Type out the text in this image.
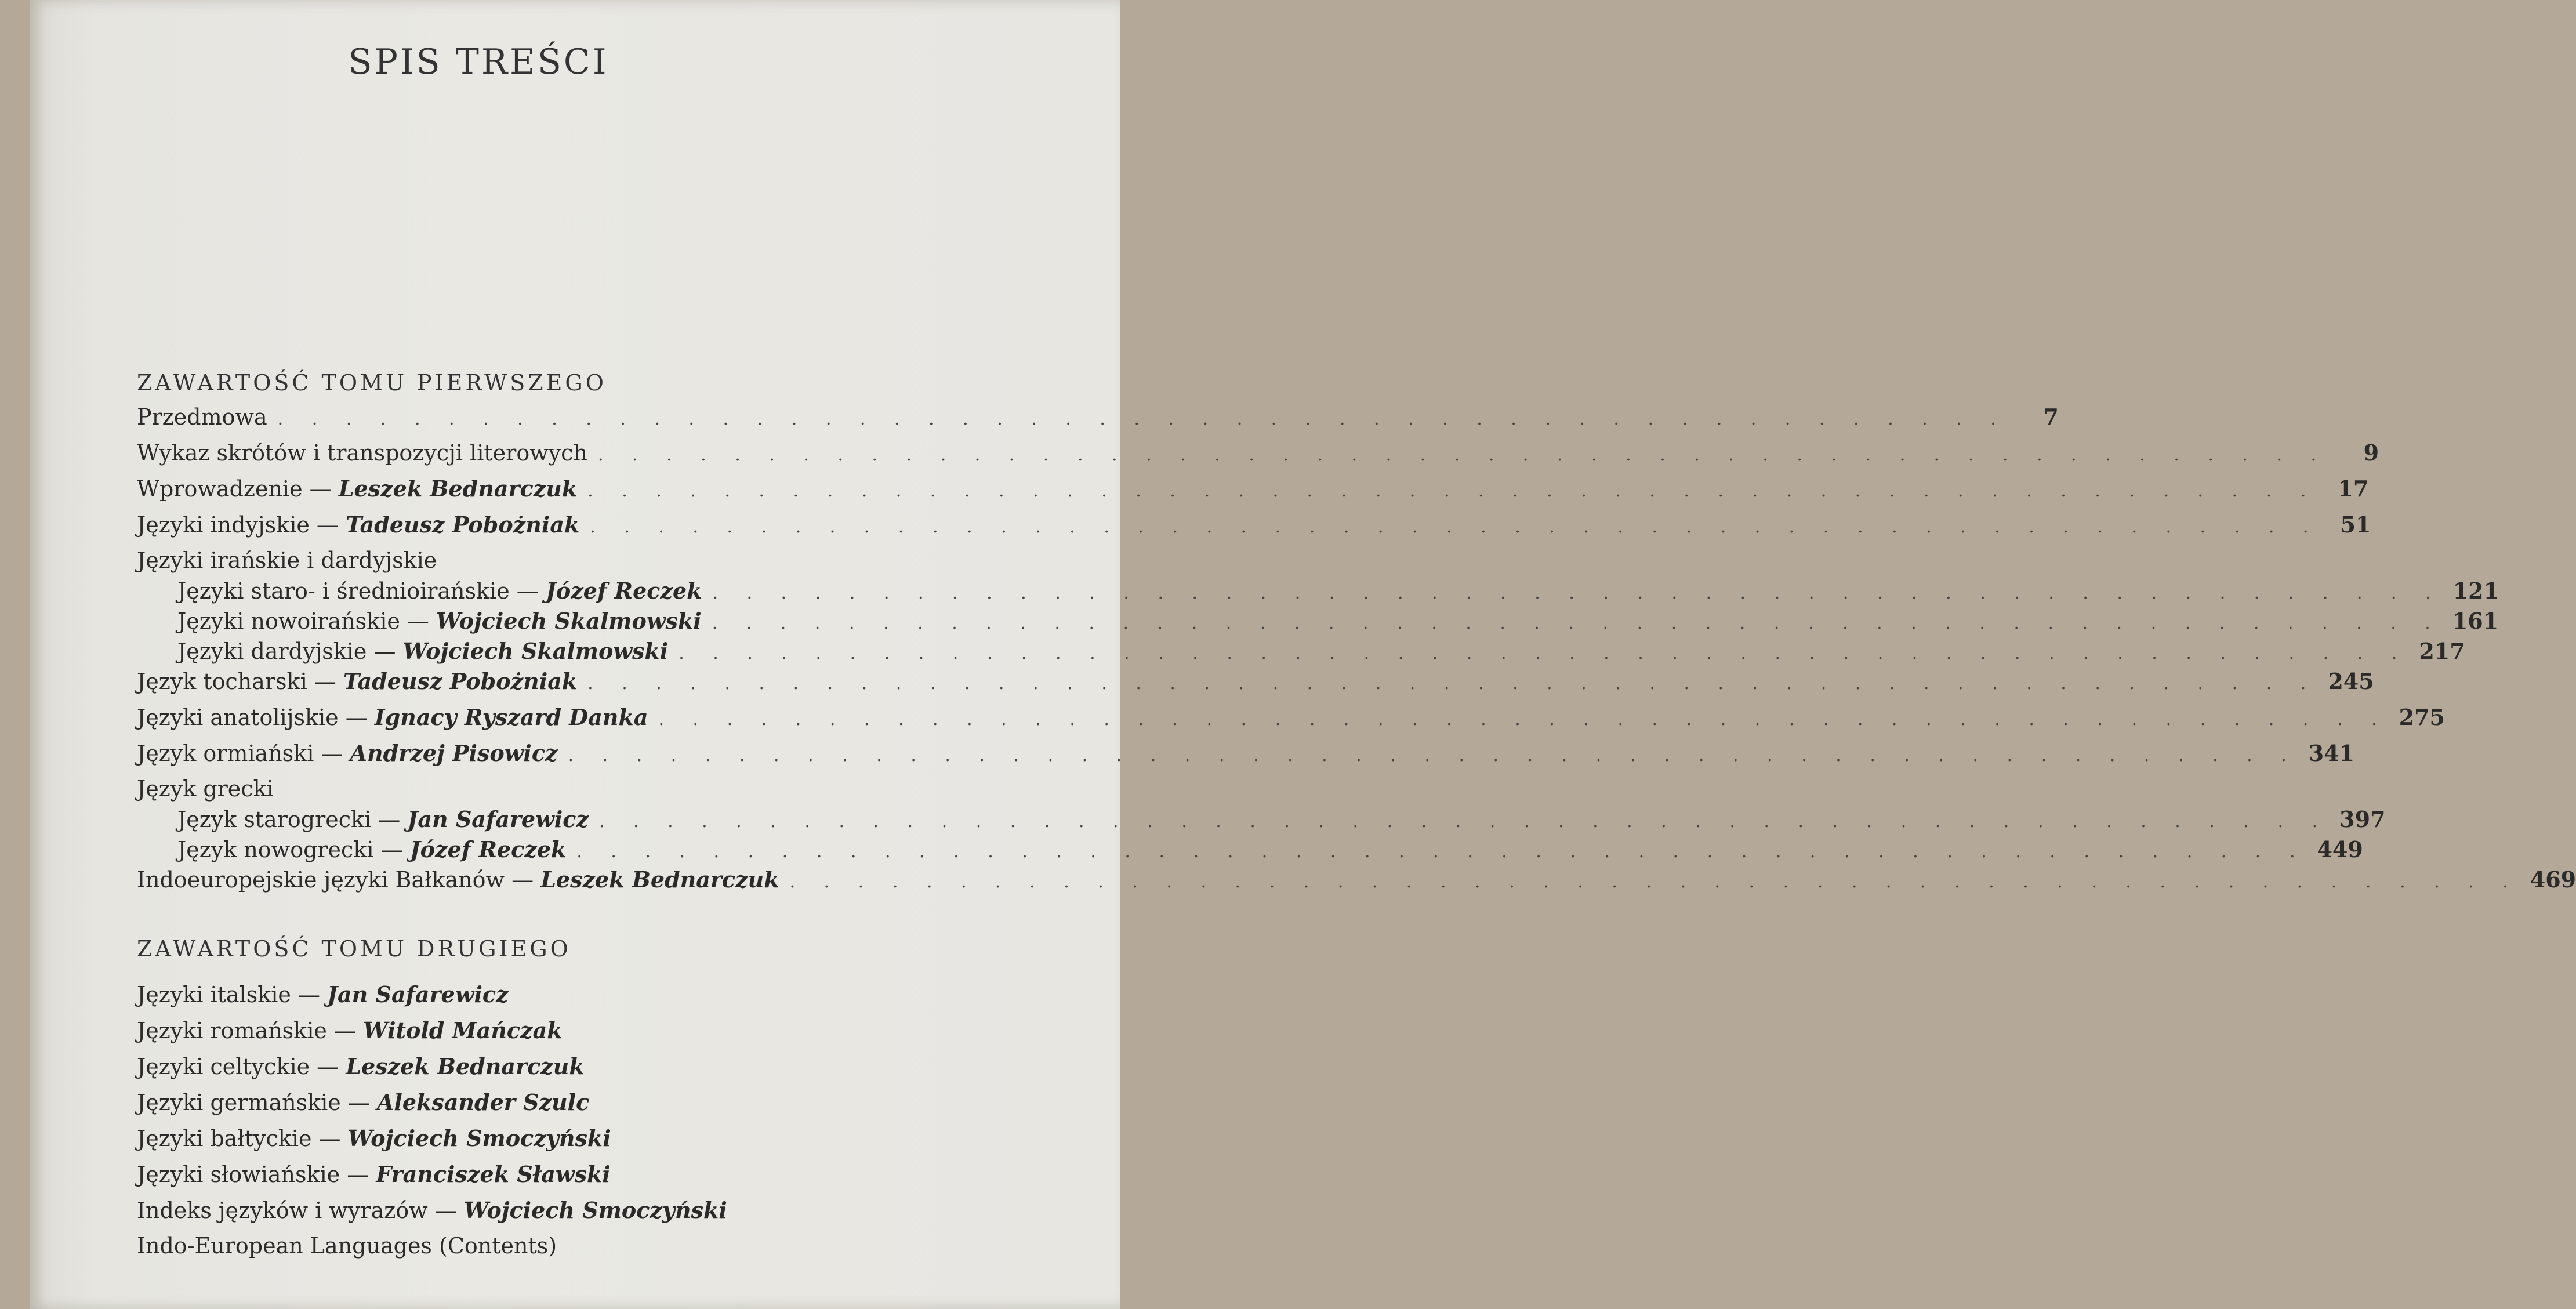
SPIS TREŚCI
ZAWARTOŚĆ TOMU PIERWSZEGO
Przedmowa . . . . . . . . . . . . . . . . . . . . . . . . . . . . . . . . . . . . . . . . . . . . . . . . . . .	7
Wykaz skrótów i transpozycji literowych . . . . . . . . . . . . . . . . . . . . . . . . . . . . . . . . . . . . . . . . . . . . . . . . . . .	9
Wprowadzenie — Leszek Bednarczuk . . . . . . . . . . . . . . . . . . . . . . . . . . . . . . . . . . . . . . . . . . . . . . . . . . . 17
Języki indyjskie — Tadeusz Pobożniak . . . . . . . . . . . . . . . . . . . . . . . . . . . . . . . . . . . . . . . . . . . . . . . . . . . 51
Języki irańskie i dardyjskie
Języki staro- i średnioirańskie — Józef Reczek . . . . . . . . . . . . . . . . . . . . . . . . . . . . . . . . . . . . . . . . . . . . . . . . . . . 121
Języki nowoirańskie — Wojciech Skalmowski . . . . . . . . . . . . . . . . . . . . . . . . . . . . . . . . . . . . . . . . . . . . . . . . . . . 161
Języki dardyjskie — Wojciech Skalmowski . . . . . . . . . . . . . . . . . . . . . . . . . . . . . . . . . . . . . . . . . . . . . . . . . . . 217
Język tocharski — Tadeusz Pobożniak . . . . . . . . . . . . . . . . . . . . . . . . . . . . . . . . . . . . . . . . . . . . . . . . . . . 245
Języki anatolijskie — Ignacy Ryszard Danka . . . . . . . . . . . . . . . . . . . . . . . . . . . . . . . . . . . . . . . . . . . . . . . . . . . 275
Język ormiański — Andrzej Pisowicz . . . . . . . . . . . . . . . . . . . . . . . . . . . . . . . . . . . . . . . . . . . . . . . . . . . 341
Język grecki
Język starogrecki — Jan Safarewicz . . . . . . . . . . . . . . . . . . . . . . . . . . . . . . . . . . . . . . . . . . . . . . . . . . . 397
Język nowogrecki — Józef Reczek . . . . . . . . . . . . . . . . . . . . . . . . . . . . . . . . . . . . . . . . . . . . . . . . . . . 449
Indoeuropejskie języki Bałkanów — Leszek Bednarczuk . . . . . . . . . . . . . . . . . . . . . . . . . . . . . . . . . . . . . . . . . . . . . . . . . . . 469
ZAWARTOŚĆ TOMU DRUGIEGO
Języki italskie — Jan Safarewicz
Języki romańskie — Witold Mańczak
Języki celtyckie — Leszek Bednarczuk
Języki germańskie — Aleksander Szulc
Języki bałtyckie — Wojciech Smoczyński
Języki słowiańskie — Franciszek Sławski
Indeks języków i wyrazów — Wojciech Smoczyński
Indo-European Languages (Contents)
